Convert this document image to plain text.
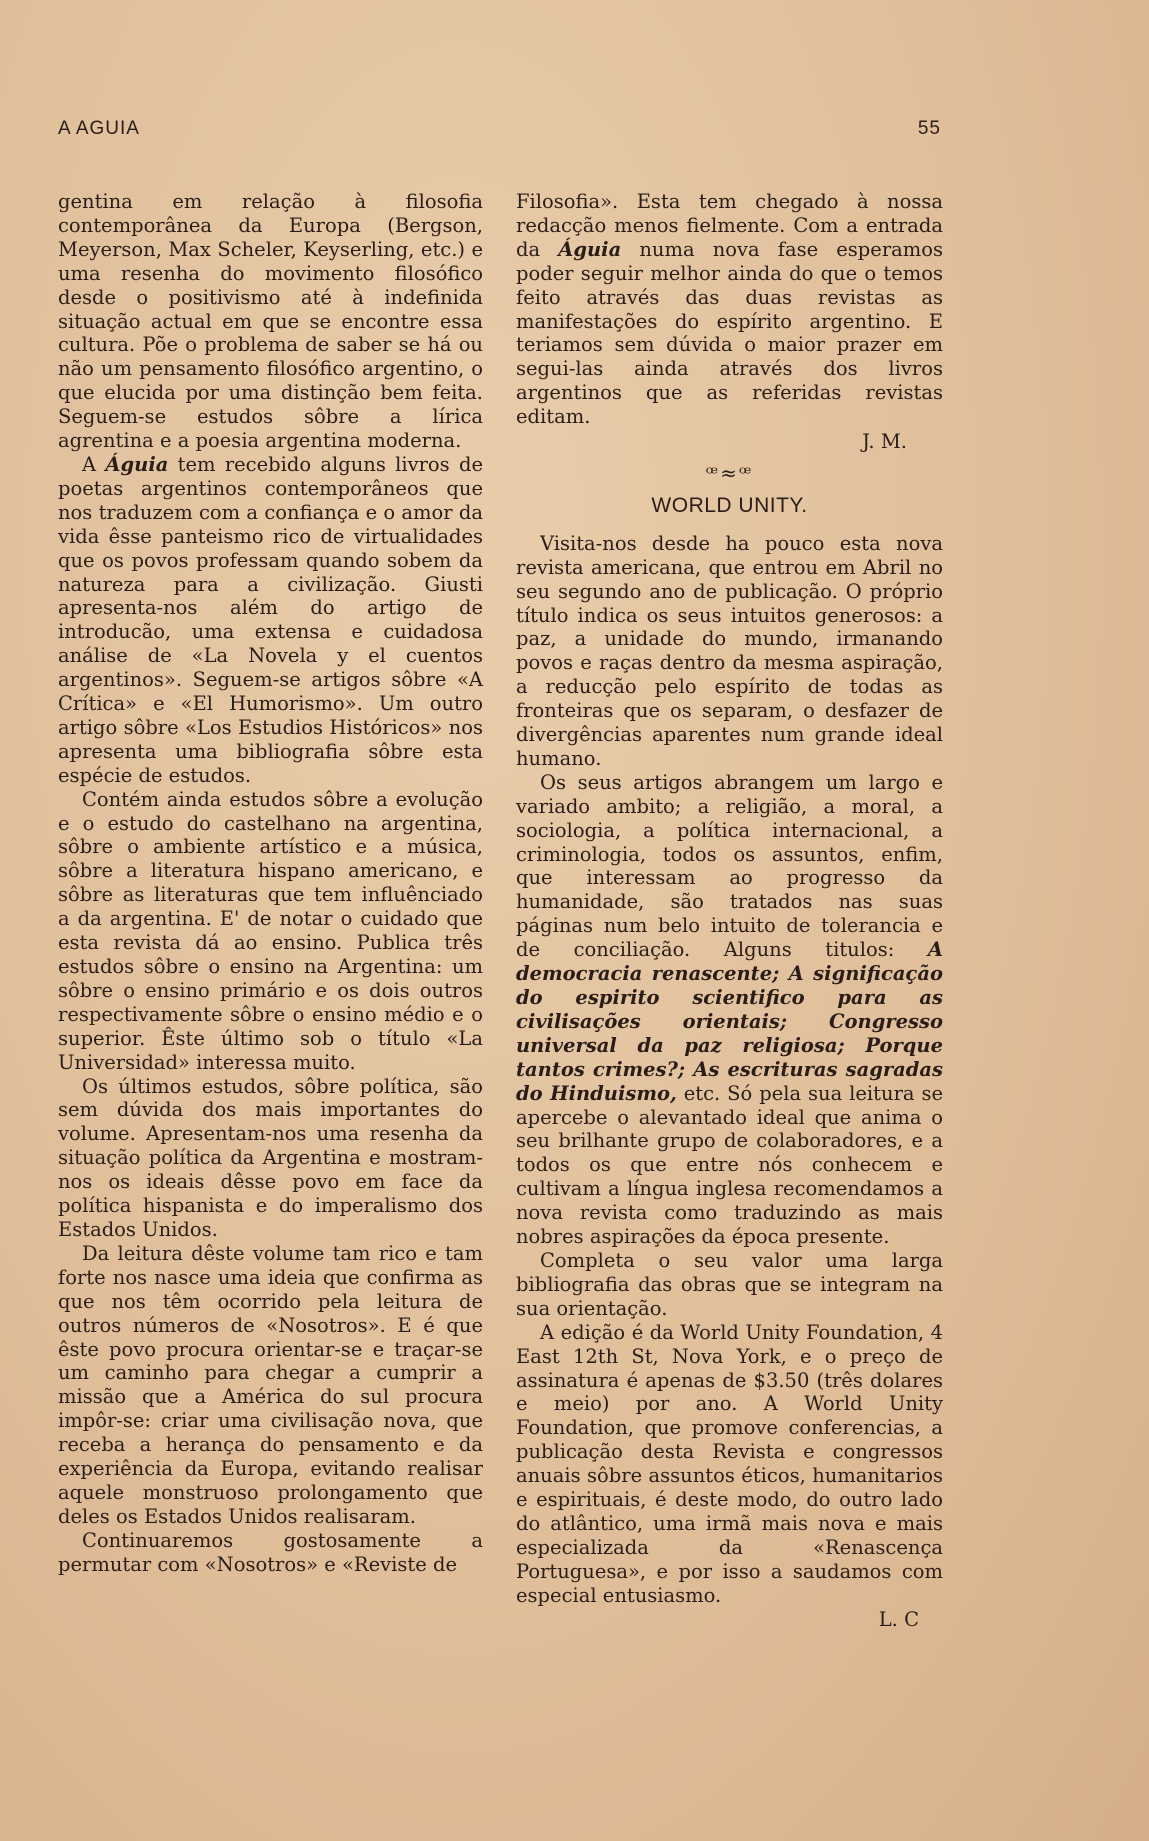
A AGUIA	55

gentina em relação à filosofia contemporânea da Europa (Bergson, Meyerson, Max Scheler, Keyserling, etc.) e uma resenha do movimento filosófico desde o positivismo até à indefinida situação actual em que se encontre essa cultura. Põe o problema de saber se há ou não um pensamento filosófico argentino, o que elucida por uma distinção bem feita. Seguem-se estudos sôbre a lírica agrentina e a poesia argentina moderna.

A Águia tem recebido alguns livros de poetas argentinos contemporâneos que nos traduzem com a confiança e o amor da vida êsse panteismo rico de virtualidades que os povos professam quando sobem da natureza para a civilização. Giusti apresenta-nos além do artigo de introducão, uma extensa e cuidadosa análise de «La Novela y el cuentos argentinos». Seguem-se artigos sôbre «A Crítica» e «El Humorismo». Um outro artigo sôbre «Los Estudios Históricos» nos apresenta uma bibliografia sôbre esta espécie de estudos.

Contém ainda estudos sôbre a evolução e o estudo do castelhano na argentina, sôbre o ambiente artístico e a música, sôbre a literatura hispano americano, e sôbre as literaturas que tem influênciado a da argentina. E' de notar o cuidado que esta revista dá ao ensino. Publica três estudos sôbre o ensino na Argentina: um sôbre o ensino primário e os dois outros respectivamente sôbre o ensino médio e o superior. Êste último sob o título «La Universidad» interessa muito.

Os últimos estudos, sôbre política, são sem dúvida dos mais importantes do volume. Apresentam-nos uma resenha da situação política da Argentina e mostram-nos os ideais dêsse povo em face da política hispanista e do imperalismo dos Estados Unidos.

Da leitura dêste volume tam rico e tam forte nos nasce uma ideia que confirma as que nos têm ocorrido pela leitura de outros números de «Nosotros». E é que êste povo procura orientar-se e traçar-se um caminho para chegar a cumprir a missão que a América do sul procura impôr-se: criar uma civilisação nova, que receba a herança do pensamento e da experiência da Europa, evitando realisar aquele monstruoso prolongamento que deles os Estados Unidos realisaram.

Continuaremos gostosamente a permutar com «Nosotros» e «Reviste de

Filosofia». Esta tem chegado à nossa redacção menos fielmente. Com a entrada da Águia numa nova fase esperamos poder seguir melhor ainda do que o temos feito através das duas revistas as manifestações do espírito argentino. E teriamos sem dúvida o maior prazer em segui-las ainda através dos livros argentinos que as referidas revistas editam.

J. M.
ꟹ≈ꟹ
WORLD UNITY.

Visita-nos desde ha pouco esta nova revista americana, que entrou em Abril no seu segundo ano de publicação. O próprio título indica os seus intuitos generosos: a paz, a unidade do mundo, irmanando povos e raças dentro da mesma aspiração, a reducção pelo espírito de todas as fronteiras que os separam, o desfazer de divergências aparentes num grande ideal humano.

Os seus artigos abrangem um largo e variado ambito; a religião, a moral, a sociologia, a política internacional, a criminologia, todos os assuntos, enfim, que interessam ao progresso da humanidade, são tratados nas suas páginas num belo intuito de tolerancia e de conciliação. Alguns titulos: A democracia renascente; A significação do espirito scientifico para as civilisações orientais; Congresso universal da paz religiosa; Porque tantos crimes?; As escrituras sagradas do Hinduismo, etc. Só pela sua leitura se apercebe o alevantado ideal que anima o seu brilhante grupo de colaboradores, e a todos os que entre nós conhecem e cultivam a língua inglesa recomendamos a nova revista como traduzindo as mais nobres aspirações da época presente.

Completa o seu valor uma larga bibliografia das obras que se integram na sua orientação.

A edição é da World Unity Foundation, 4 East 12th St, Nova York, e o preço de assinatura é apenas de $3.50 (três dolares e meio) por ano. A World Unity Foundation, que promove conferencias, a publicação desta Revista e congressos anuais sôbre assuntos éticos, humanitarios e espirituais, é deste modo, do outro lado do atlântico, uma irmã mais nova e mais especializada da «Renascença Portuguesa», e por isso a saudamos com especial entusiasmo.

L. C
